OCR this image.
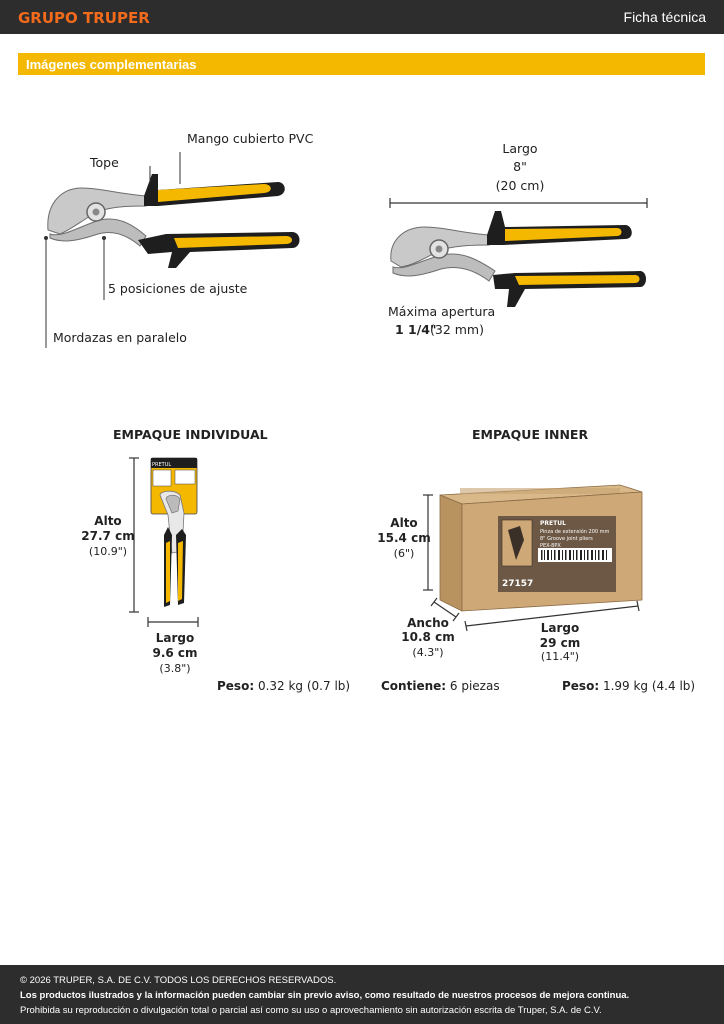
GRUPO TRUPER	Ficha técnica
Imágenes complementarias
Tope
Mango cubierto PVC
5 posiciones de ajuste
Mordazas en paralelo
Largo
8"
(20 cm)
Máxima apertura
1 1/4"
(32 mm)
EMPAQUE INDIVIDUAL
PRETUL
Alto
27.7 cm
(10.9")
Largo
9.6 cm
(3.8")
Peso: 0.32 kg (0.7 lb)
EMPAQUE INNER
PRETUL
Pinza de extensión 200 mm
8" Groove joint pliers
PEX-8PX
27157
Alto
15.4 cm
(6")
Ancho
10.8 cm
(4.3")
Largo
29 cm
(11.4")
Contiene: 6 piezas	Peso: 1.99 kg (4.4 lb)
© 2026 TRUPER, S.A. DE C.V. TODOS LOS DERECHOS RESERVADOS.
Los productos ilustrados y la información pueden cambiar sin previo aviso, como resultado de nuestros procesos de mejora continua.
Prohibida su reproducción o divulgación total o parcial así como su uso o aprovechamiento sin autorización escrita de Truper, S.A. de C.V.
